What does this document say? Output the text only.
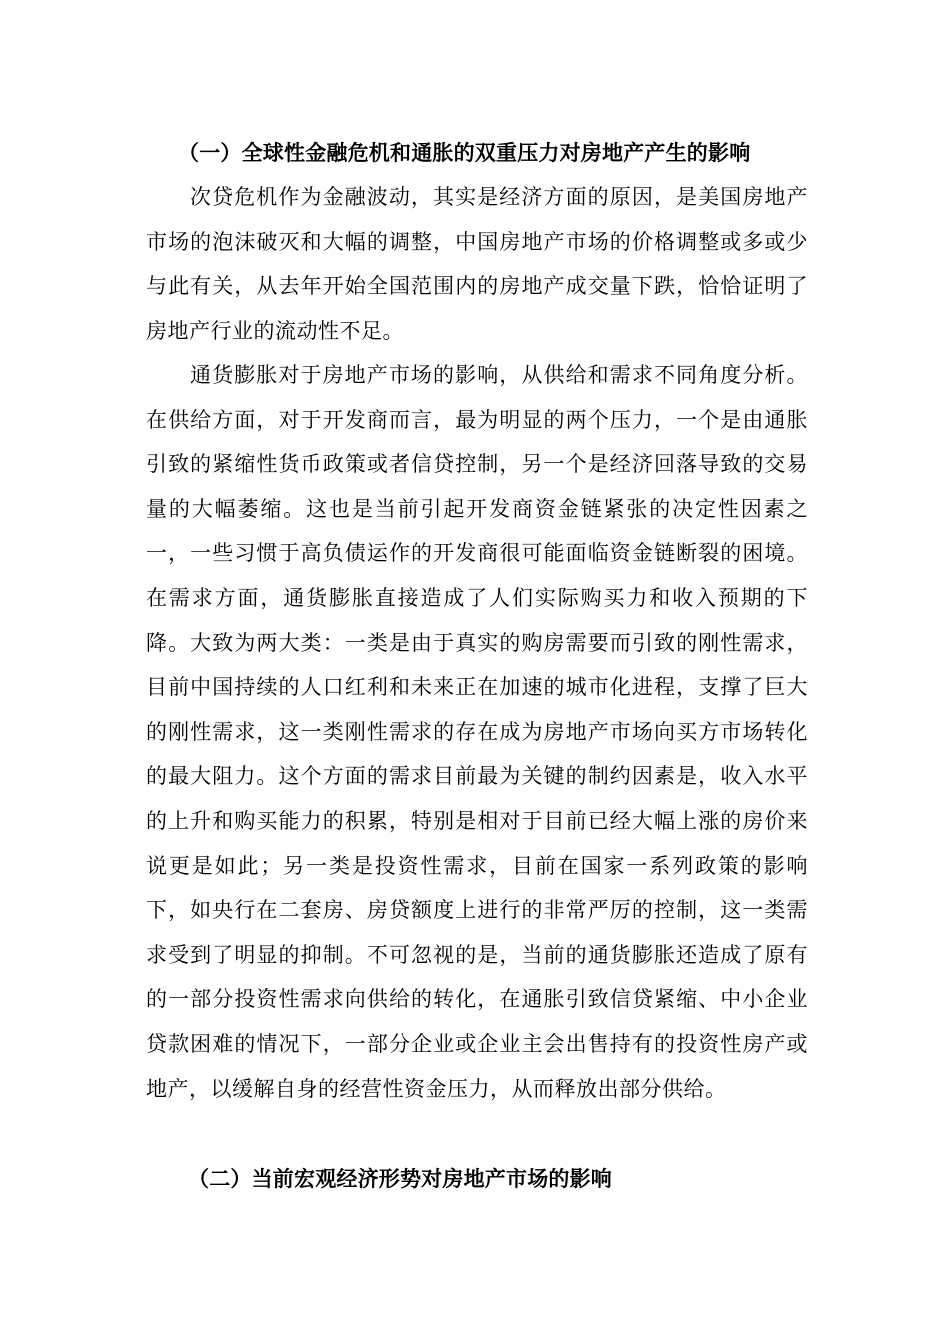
（一）全球性金融危机和通胀的双重压力对房地产产生的影响

次贷危机作为金融波动，其实是经济方面的原因，是美国房地产市场的泡沫破灭和大幅的调整，中国房地产市场的价格调整或多或少与此有关，从去年开始全国范围内的房地产成交量下跌，恰恰证明了房地产行业的流动性不足。

通货膨胀对于房地产市场的影响，从供给和需求不同角度分析。在供给方面，对于开发商而言，最为明显的两个压力，一个是由通胀引致的紧缩性货币政策或者信贷控制，另一个是经济回落导致的交易量的大幅萎缩。这也是当前引起开发商资金链紧张的决定性因素之一，一些习惯于高负债运作的开发商很可能面临资金链断裂的困境。在需求方面，通货膨胀直接造成了人们实际购买力和收入预期的下降。大致为两大类：一类是由于真实的购房需要而引致的刚性需求，目前中国持续的人口红利和未来正在加速的城市化进程，支撑了巨大的刚性需求，这一类刚性需求的存在成为房地产市场向买方市场转化的最大阻力。这个方面的需求目前最为关键的制约因素是，收入水平的上升和购买能力的积累，特别是相对于目前已经大幅上涨的房价来说更是如此；另一类是投资性需求，目前在国家一系列政策的影响下，如央行在二套房、房贷额度上进行的非常严厉的控制，这一类需求受到了明显的抑制。不可忽视的是，当前的通货膨胀还造成了原有的一部分投资性需求向供给的转化，在通胀引致信贷紧缩、中小企业贷款困难的情况下，一部分企业或企业主会出售持有的投资性房产或地产，以缓解自身的经营性资金压力，从而释放出部分供给。

（二）当前宏观经济形势对房地产市场的影响
